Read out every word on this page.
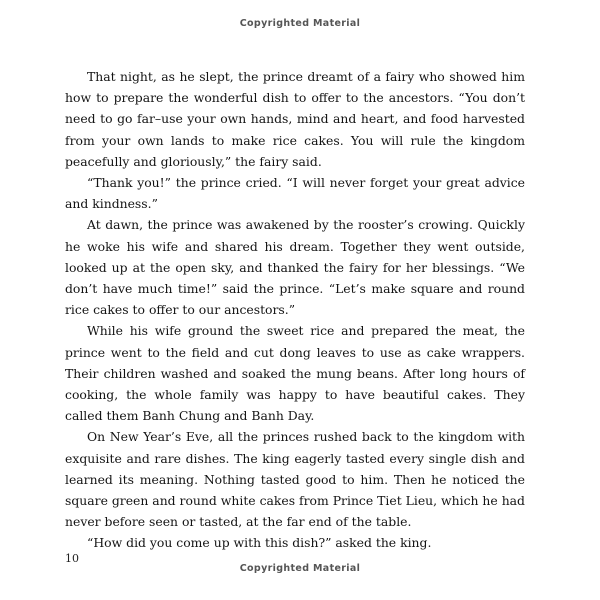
Copyrighted Material

That night, as he slept, the prince dreamt of a fairy who showed him how to prepare the wonderful dish to offer to the ancestors. “You don’t need to go far–use your own hands, mind and heart, and food harvested from your own lands to make rice cakes. You will rule the kingdom peacefully and gloriously,” the fairy said.

“Thank you!” the prince cried. “I will never forget your great advice and kindness.”

At dawn, the prince was awakened by the rooster’s crowing. Quickly he woke his wife and shared his dream. Together they went outside, looked up at the open sky, and thanked the fairy for her blessings. “We don’t have much time!” said the prince. “Let’s make square and round rice cakes to offer to our ancestors.”

While his wife ground the sweet rice and prepared the meat, the prince went to the field and cut dong leaves to use as cake wrappers. Their children washed and soaked the mung beans. After long hours of cooking, the whole family was happy to have beautiful cakes. They called them Banh Chung and Banh Day.

On New Year’s Eve, all the princes rushed back to the kingdom with exquisite and rare dishes. The king eagerly tasted every single dish and learned its meaning. Nothing tasted good to him. Then he noticed the square green and round white cakes from Prince Tiet Lieu, which he had never before seen or tasted, at the far end of the table.

“How did you come up with this dish?” asked the king.

10
Copyrighted Material
